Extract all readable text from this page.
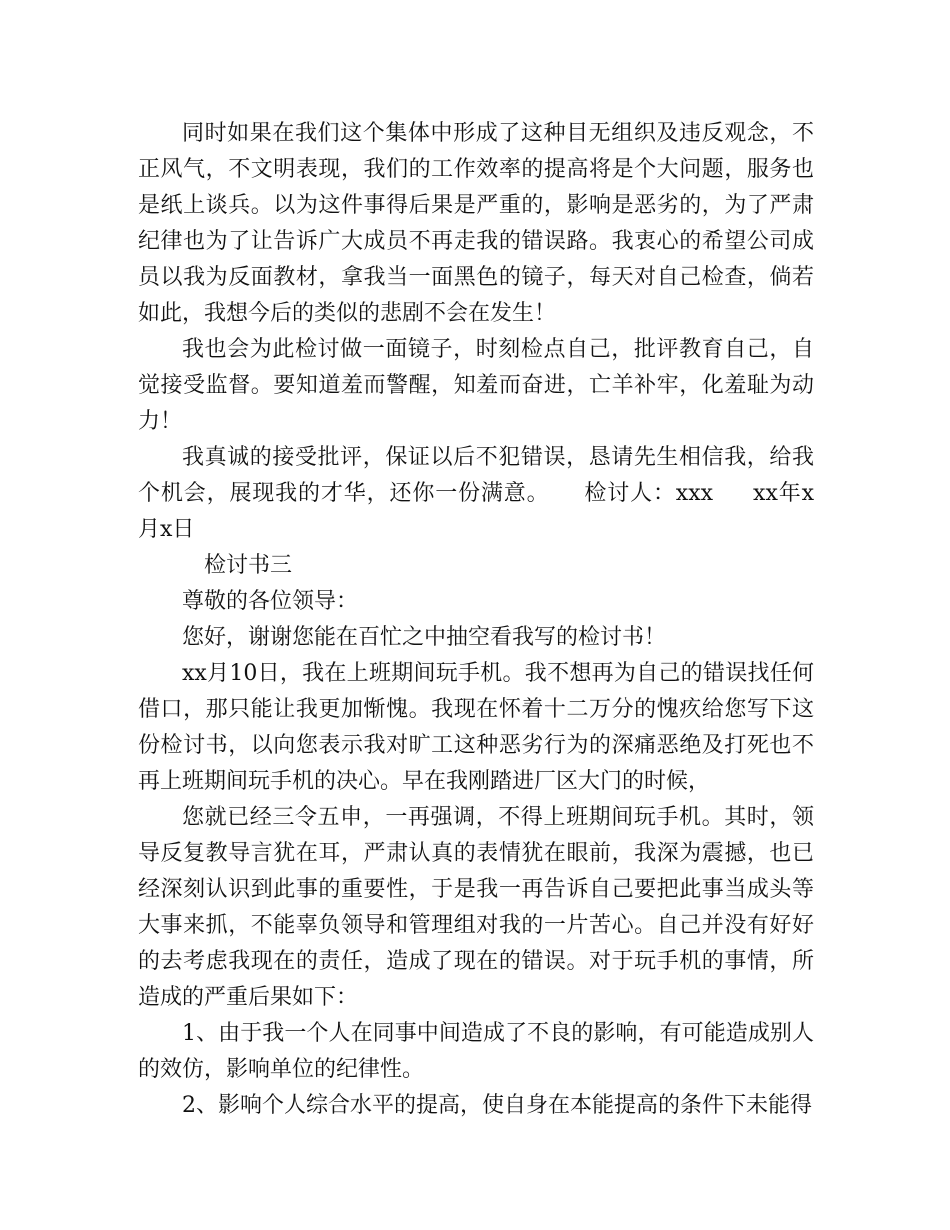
同时如果在我们这个集体中形成了这种目无组织及违反观念，不正风气，不文明表现，我们的工作效率的提高将是个大问题，服务也是纸上谈兵。以为这件事得后果是严重的，影响是恶劣的，为了严肃纪律也为了让告诉广大成员不再走我的错误路。我衷心的希望公司成员以我为反面教材，拿我当一面黑色的镜子，每天对自己检查，倘若如此，我想今后的类似的悲剧不会在发生！

我也会为此检讨做一面镜子，时刻检点自己，批评教育自己，自觉接受监督。要知道羞而警醒，知羞而奋进，亡羊补牢，化羞耻为动力！

我真诚的接受批评，保证以后不犯错误，恳请先生相信我，给我个机会，展现我的才华，还你一份满意。 检讨人：xxx xx年x月x日

检讨书三

尊敬的各位领导：

您好，谢谢您能在百忙之中抽空看我写的检讨书！

xx月10日，我在上班期间玩手机。我不想再为自己的错误找任何借口，那只能让我更加惭愧。我现在怀着十二万分的愧疚给您写下这份检讨书，以向您表示我对旷工这种恶劣行为的深痛恶绝及打死也不再上班期间玩手机的决心。早在我刚踏进厂区大门的时候，

您就已经三令五申，一再强调，不得上班期间玩手机。其时，领导反复教导言犹在耳，严肃认真的表情犹在眼前，我深为震撼，也已经深刻认识到此事的重要性，于是我一再告诉自己要把此事当成头等大事来抓，不能辜负领导和管理组对我的一片苦心。自己并没有好好的去考虑我现在的责任，造成了现在的错误。对于玩手机的事情，所造成的严重后果如下：

1、由于我一个人在同事中间造成了不良的影响，有可能造成别人的效仿，影响单位的纪律性。

2、影响个人综合水平的提高，使自身在本能提高的条件下未能得
